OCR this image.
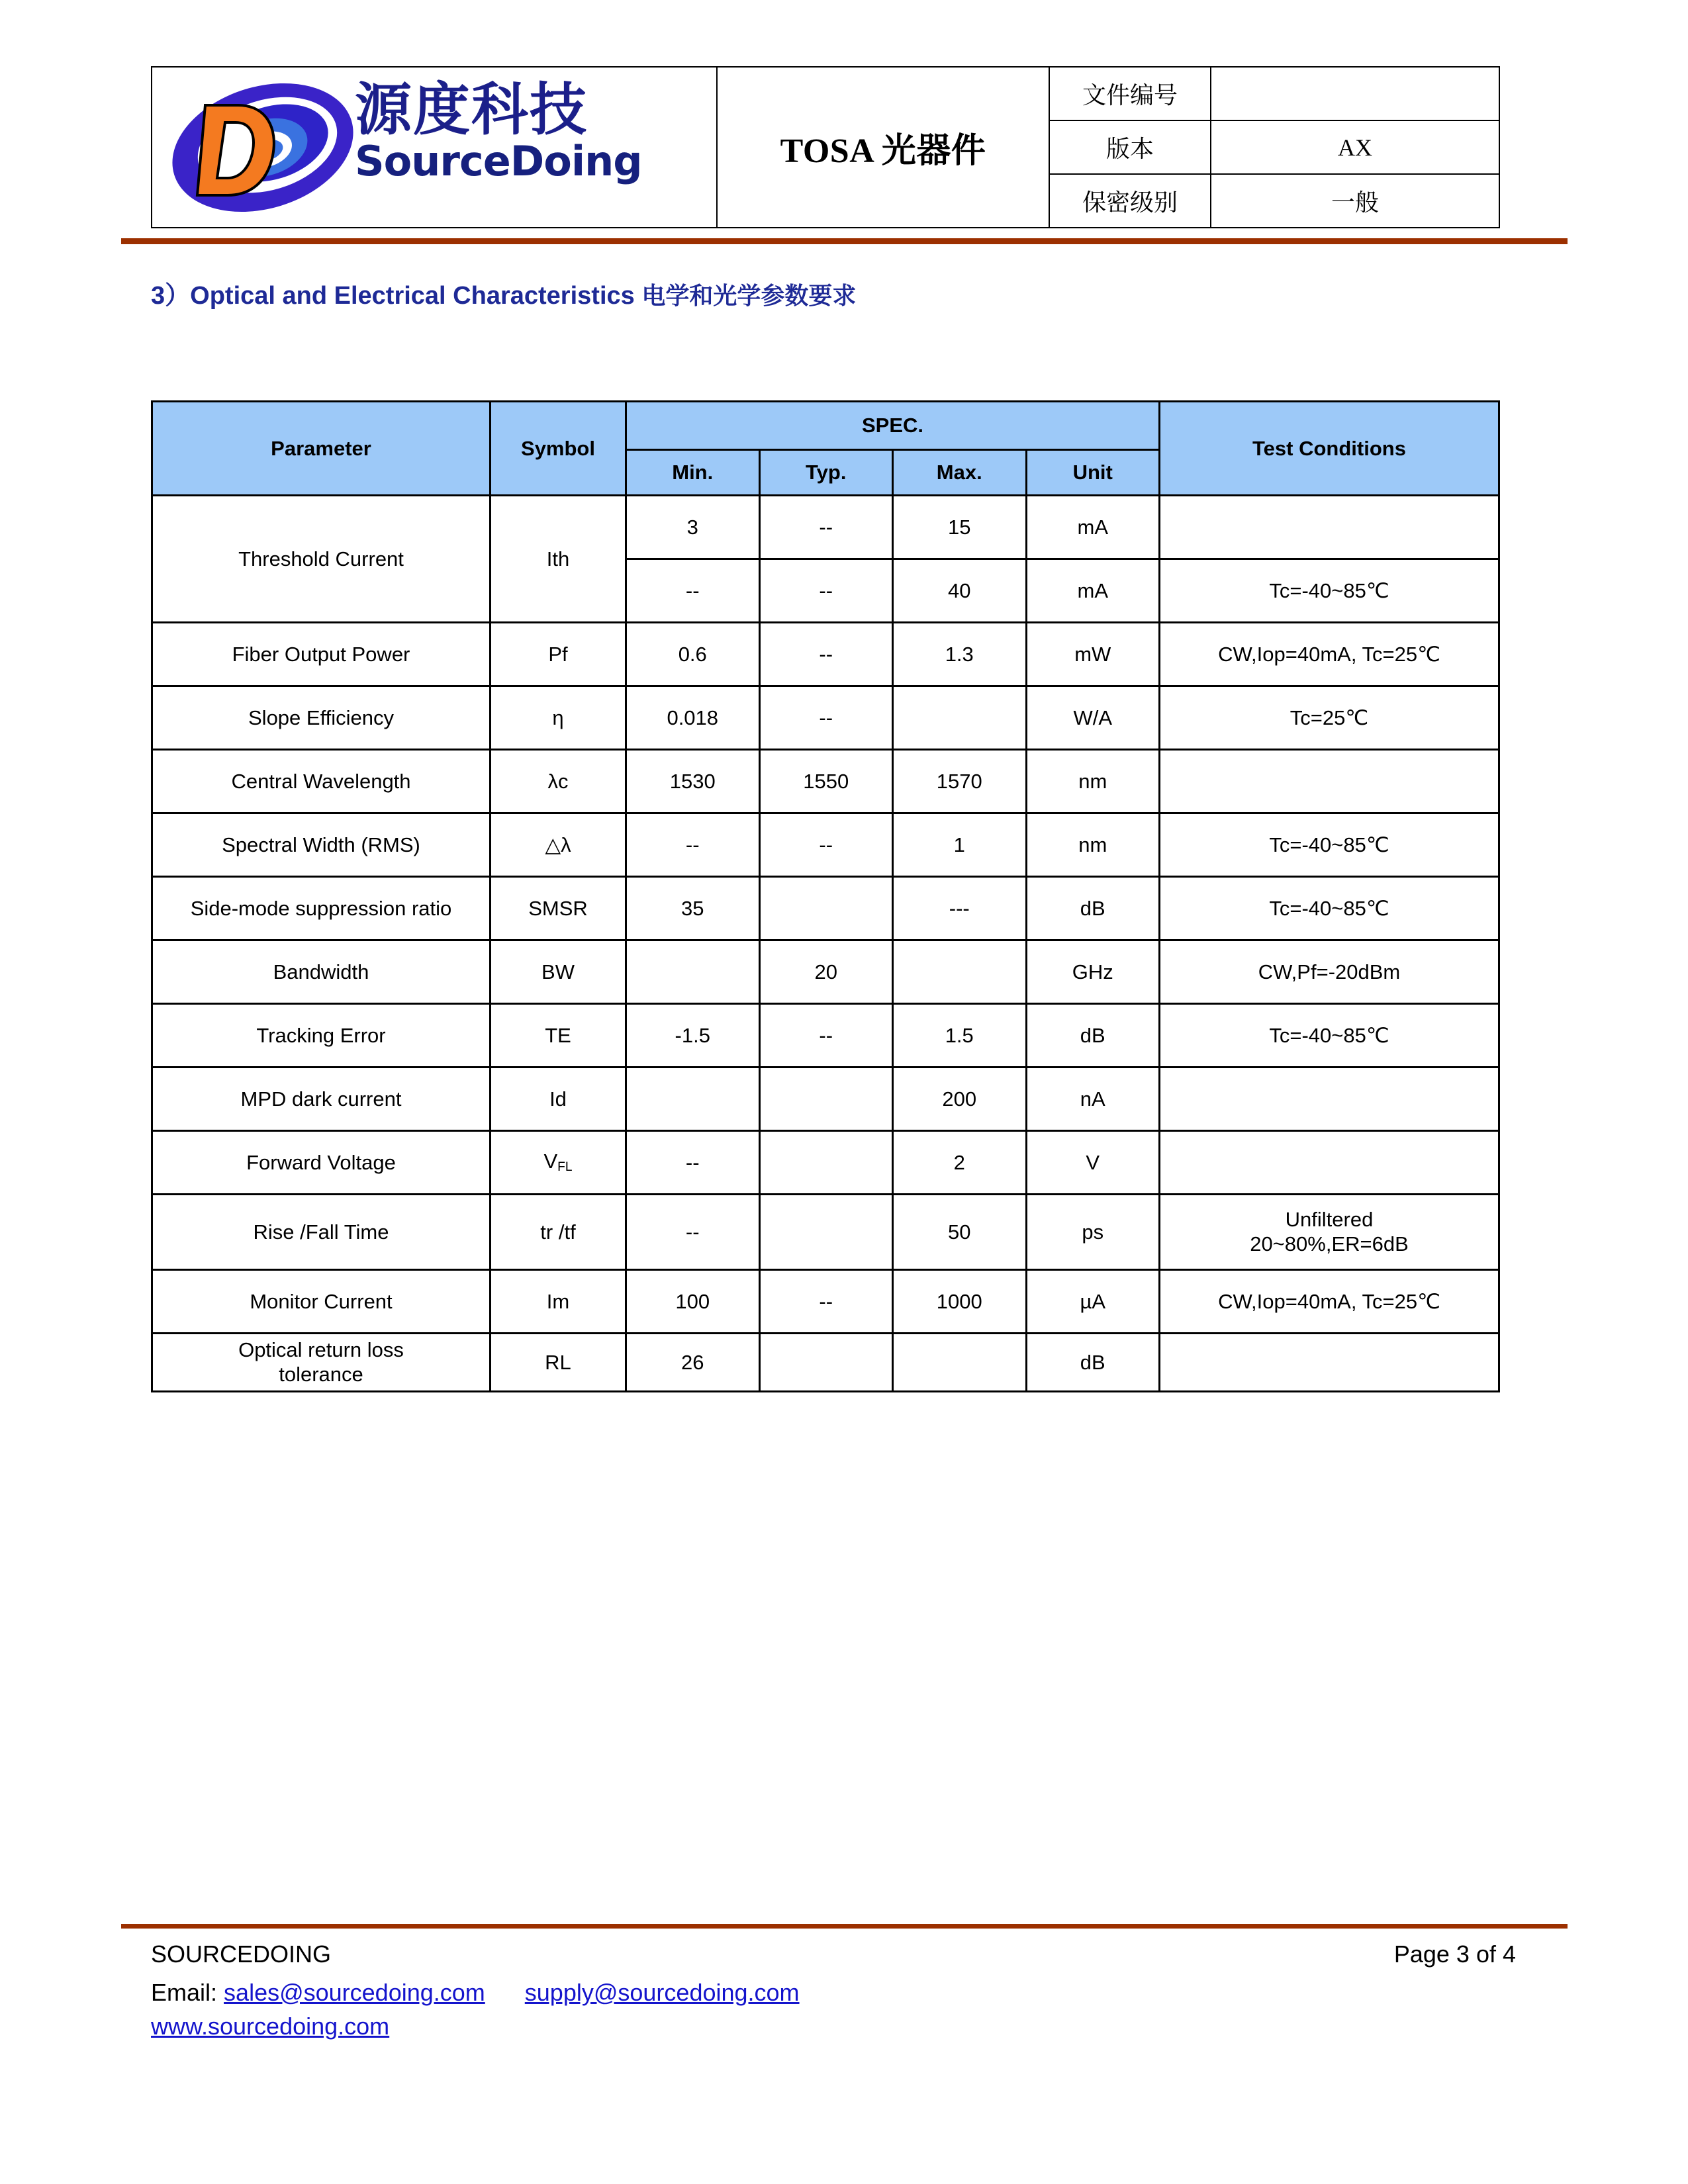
源度科技
SourceDoing	TOSA 光器件	文件编号	
		版本	AX
		保密级别	一般
3）Optical and Electrical Characteristics 电学和光学参数要求
Parameter	Symbol	SPEC.				Test Conditions
		Min.	Typ.	Max.	Unit	
Threshold Current	Ith	3	--	15	mA	
		--	--	40	mA	Tc=-40~85℃
Fiber Output Power	Pf	0.6	--	1.3	mW	CW,Iop=40mA, Tc=25℃
Slope Efficiency	η	0.018	--		W/A	Tc=25℃
Central Wavelength	λc	1530	1550	1570	nm	
Spectral Width (RMS)	△λ	--	--	1	nm	Tc=-40~85℃
Side-mode suppression ratio	SMSR	35		---	dB	Tc=-40~85℃
Bandwidth	BW		20		GHz	CW,Pf=-20dBm
Tracking Error	TE	-1.5	--	1.5	dB	Tc=-40~85℃
MPD dark current	Id			200	nA	
Forward Voltage	$V_{FL}$	--		2	V	
Rise /Fall Time	tr /tf	--		50	ps	Unfiltered
20~80%,ER=6dB

Monitor Current	Im	100	--	1000	µA	CW,Iop=40mA, Tc=25℃

Optical return loss
tolerance	RL	26			dB	
SOURCEDOING	Page 3 of 4
Email: sales@sourcedoing.com supply@sourcedoing.com
www.sourcedoing.com
